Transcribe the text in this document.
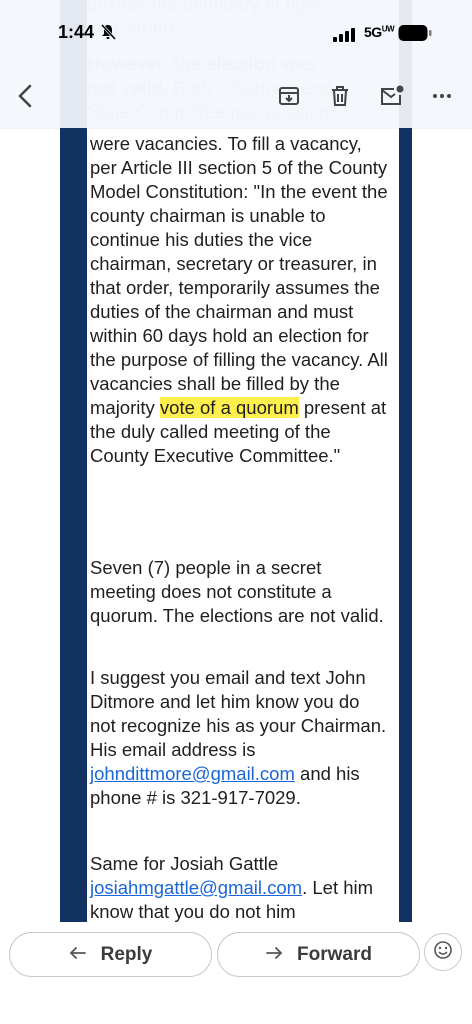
were vacancies. To fill a vacancy, per Article III section 5 of the County Model Constitution: "In the event the county chairman is unable to continue his duties the vice chairman, secretary or treasurer, in that order, temporarily assumes the duties of the chairman and must within 60 days hold an election for the purpose of filling the vacancy. All vacancies shall be filled by the majority vote of a quorum present at the duly called meeting of the County Executive Committee."

Seven (7) people in a secret meeting does not constitute a quorum. The elections are not valid.

I suggest you email and text John Ditmore and let him know you do not recognize his as your Chairman. His email address is johndittmore@gmail.com and his phone # is 321-917-7029.

Same for Josiah Gattle josiahmgattle@gmail.com. Let him know that you do not him

1:44	$5G^{UW}$
Reply	Forward
